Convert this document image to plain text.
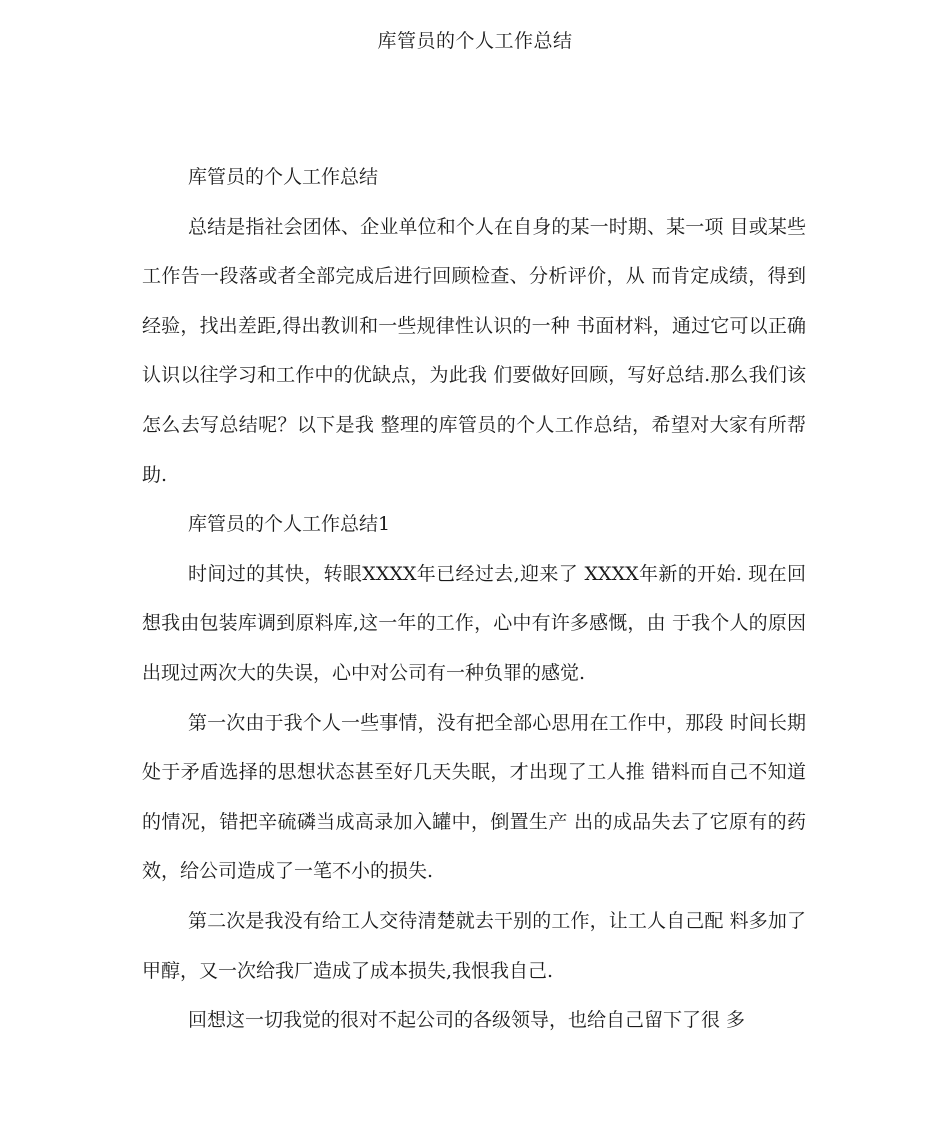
库管员的个人工作总结

库管员的个人工作总结

总结是指社会团体、企业单位和个人在自身的某一时期、某一项 目或某些工作告一段落或者全部完成后进行回顾检查、分析评价，从 而肯定成绩，得到经验，找出差距,得出教训和一些规律性认识的一种 书面材料，通过它可以正确认识以往学习和工作中的优缺点，为此我 们要做好回顾，写好总结.那么我们该怎么去写总结呢？以下是我 整理的库管员的个人工作总结，希望对大家有所帮助.

库管员的个人工作总结1

时间过的其快，转眼XXXX年已经过去,迎来了 XXXX年新的开始. 现在回想我由包装库调到原料库,这一年的工作，心中有许多感慨，由 于我个人的原因出现过两次大的失误，心中对公司有一种负罪的感觉.

第一次由于我个人一些事情，没有把全部心思用在工作中，那段 时间长期处于矛盾选择的思想状态甚至好几天失眠，才出现了工人推 错料而自己不知道的情况，错把辛硫磷当成高录加入罐中，倒置生产 出的成品失去了它原有的药效，给公司造成了一笔不小的损失.

第二次是我没有给工人交待清楚就去干别的工作，让工人自己配 料多加了甲醇，又一次给我厂造成了成本损失,我恨我自己.

回想这一切我觉的很对不起公司的各级领导，也给自己留下了很 多
